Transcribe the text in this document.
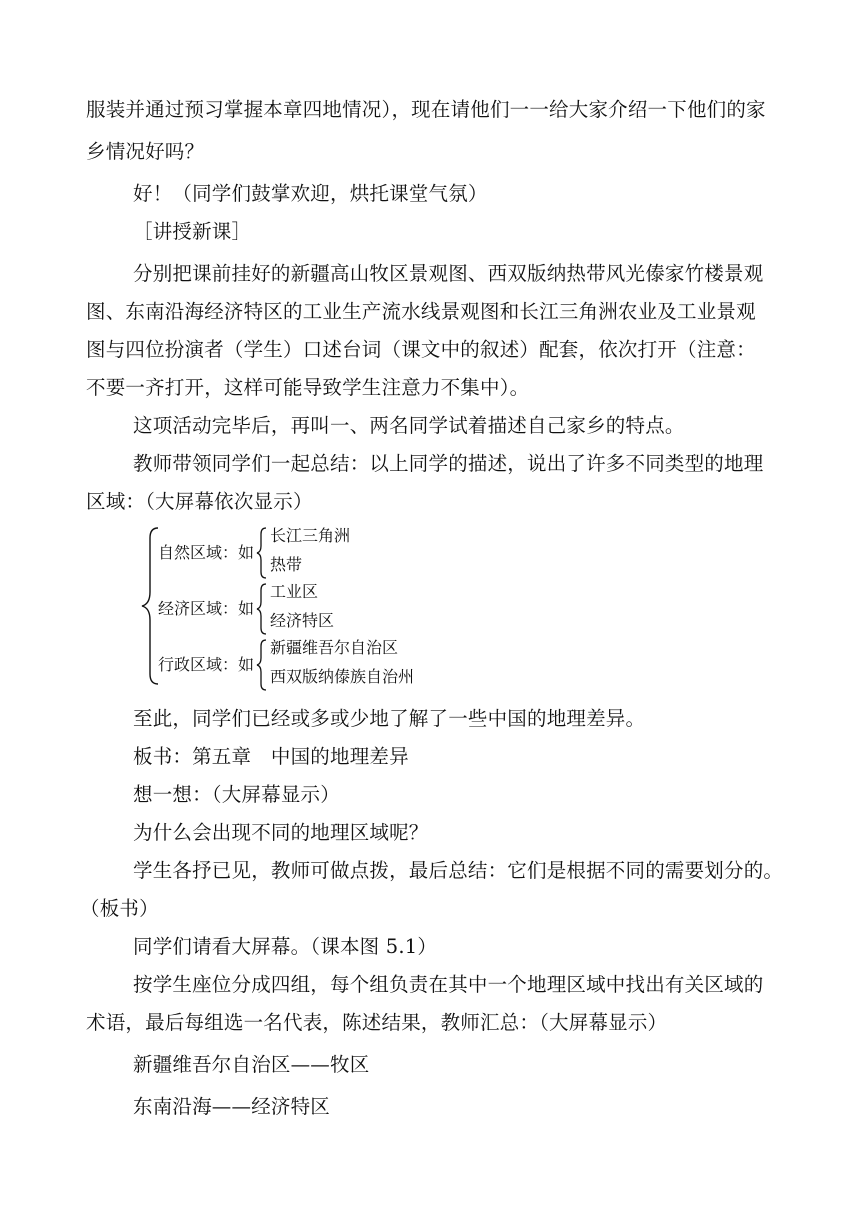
服装并通过预习掌握本章四地情况），现在请他们一一给大家介绍一下他们的家
乡情况好吗？
好！（同学们鼓掌欢迎，烘托课堂气氛）
［讲授新课］
分别把课前挂好的新疆高山牧区景观图、西双版纳热带风光傣家竹楼景观
图、东南沿海经济特区的工业生产流水线景观图和长江三角洲农业及工业景观
图与四位扮演者（学生）口述台词（课文中的叙述）配套，依次打开（注意：
不要一齐打开，这样可能导致学生注意力不集中）。
这项活动完毕后，再叫一、两名同学试着描述自己家乡的特点。
教师带领同学们一起总结：以上同学的描述，说出了许多不同类型的地理
区域：（大屏幕依次显示）
自然区域：如
长江三角洲
热带
经济区域：如
工业区
经济特区
行政区域：如
新疆维吾尔自治区
西双版纳傣族自治州
至此，同学们已经或多或少地了解了一些中国的地理差异。
板书：第五章　中国的地理差异
想一想：（大屏幕显示）
为什么会出现不同的地理区域呢？
学生各抒已见，教师可做点拨，最后总结：它们是根据不同的需要划分的。
（板书）
同学们请看大屏幕。（课本图 5.1）
按学生座位分成四组，每个组负责在其中一个地理区域中找出有关区域的
术语，最后每组选一名代表，陈述结果，教师汇总：（大屏幕显示）
新疆维吾尔自治区——牧区
东南沿海——经济特区
